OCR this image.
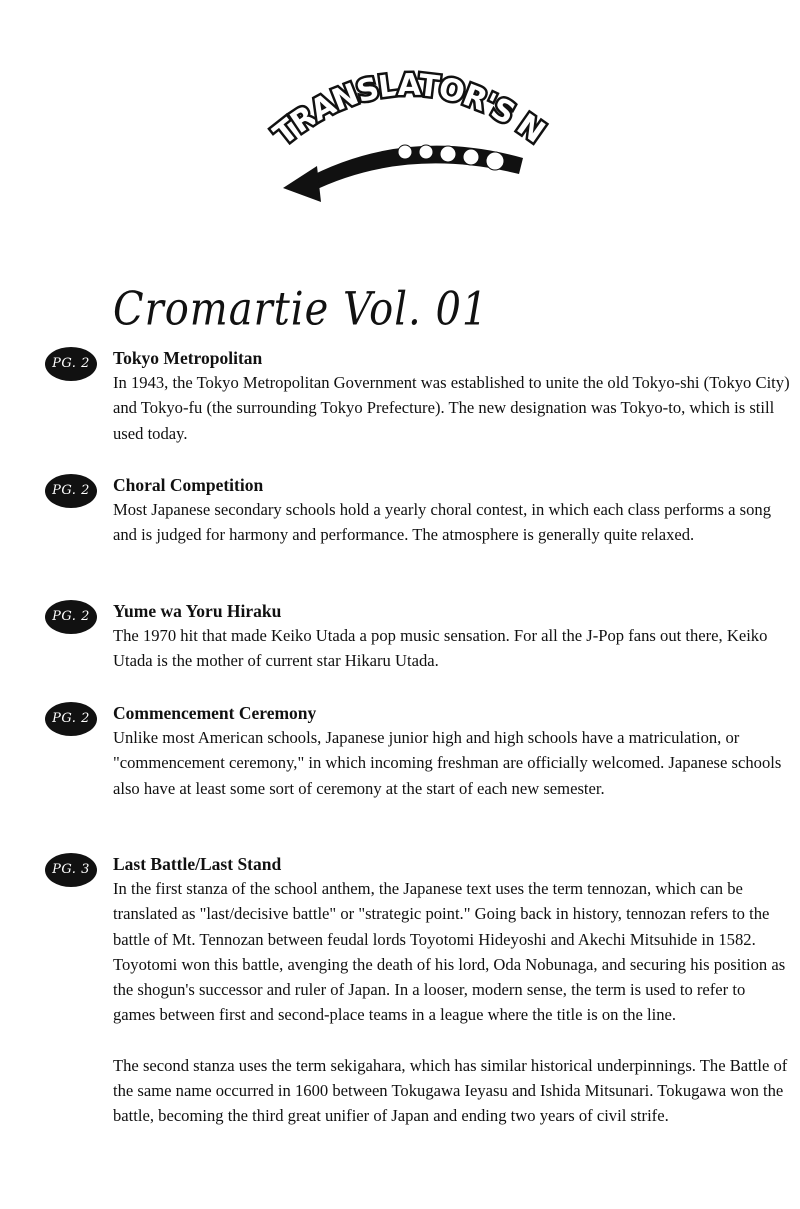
TRANSLATOR'S N
Cromartie Vol. 01
PG. 2	Tokyo Metropolitan
In 1943, the Tokyo Metropolitan Government was established to unite the old Tokyo-shi (Tokyo City) and Tokyo-fu (the surrounding Tokyo Prefecture). The new designation was Tokyo-to, which is still used today.
PG. 2	Choral Competition
Most Japanese secondary schools hold a yearly choral contest, in which each class performs a song and is judged for harmony and performance. The atmosphere is generally quite relaxed.
PG. 2	Yume wa Yoru Hiraku
The 1970 hit that made Keiko Utada a pop music sensation. For all the J-Pop fans out there, Keiko Utada is the mother of current star Hikaru Utada.
PG. 2	Commencement Ceremony
Unlike most American schools, Japanese junior high and high schools have a matriculation, or "commencement ceremony," in which incoming freshman are officially welcomed. Japanese schools also have at least some sort of ceremony at the start of each new semester.
PG. 3	Last Battle/Last Stand
In the first stanza of the school anthem, the Japanese text uses the term tennozan, which can be translated as "last/decisive battle" or "strategic point." Going back in history, tennozan refers to the battle of Mt. Tennozan between feudal lords Toyotomi Hideyoshi and Akechi Mitsuhide in 1582. Toyotomi won this battle, avenging the death of his lord, Oda Nobunaga, and securing his position as the shogun's successor and ruler of Japan. In a looser, modern sense, the term is used to refer to games between first and second-place teams in a league where the title is on the line.
The second stanza uses the term sekigahara, which has similar historical underpinnings. The Battle of the same name occurred in 1600 between Tokugawa Ieyasu and Ishida Mitsunari. Tokugawa won the battle, becoming the third great unifier of Japan and ending two years of civil strife.
